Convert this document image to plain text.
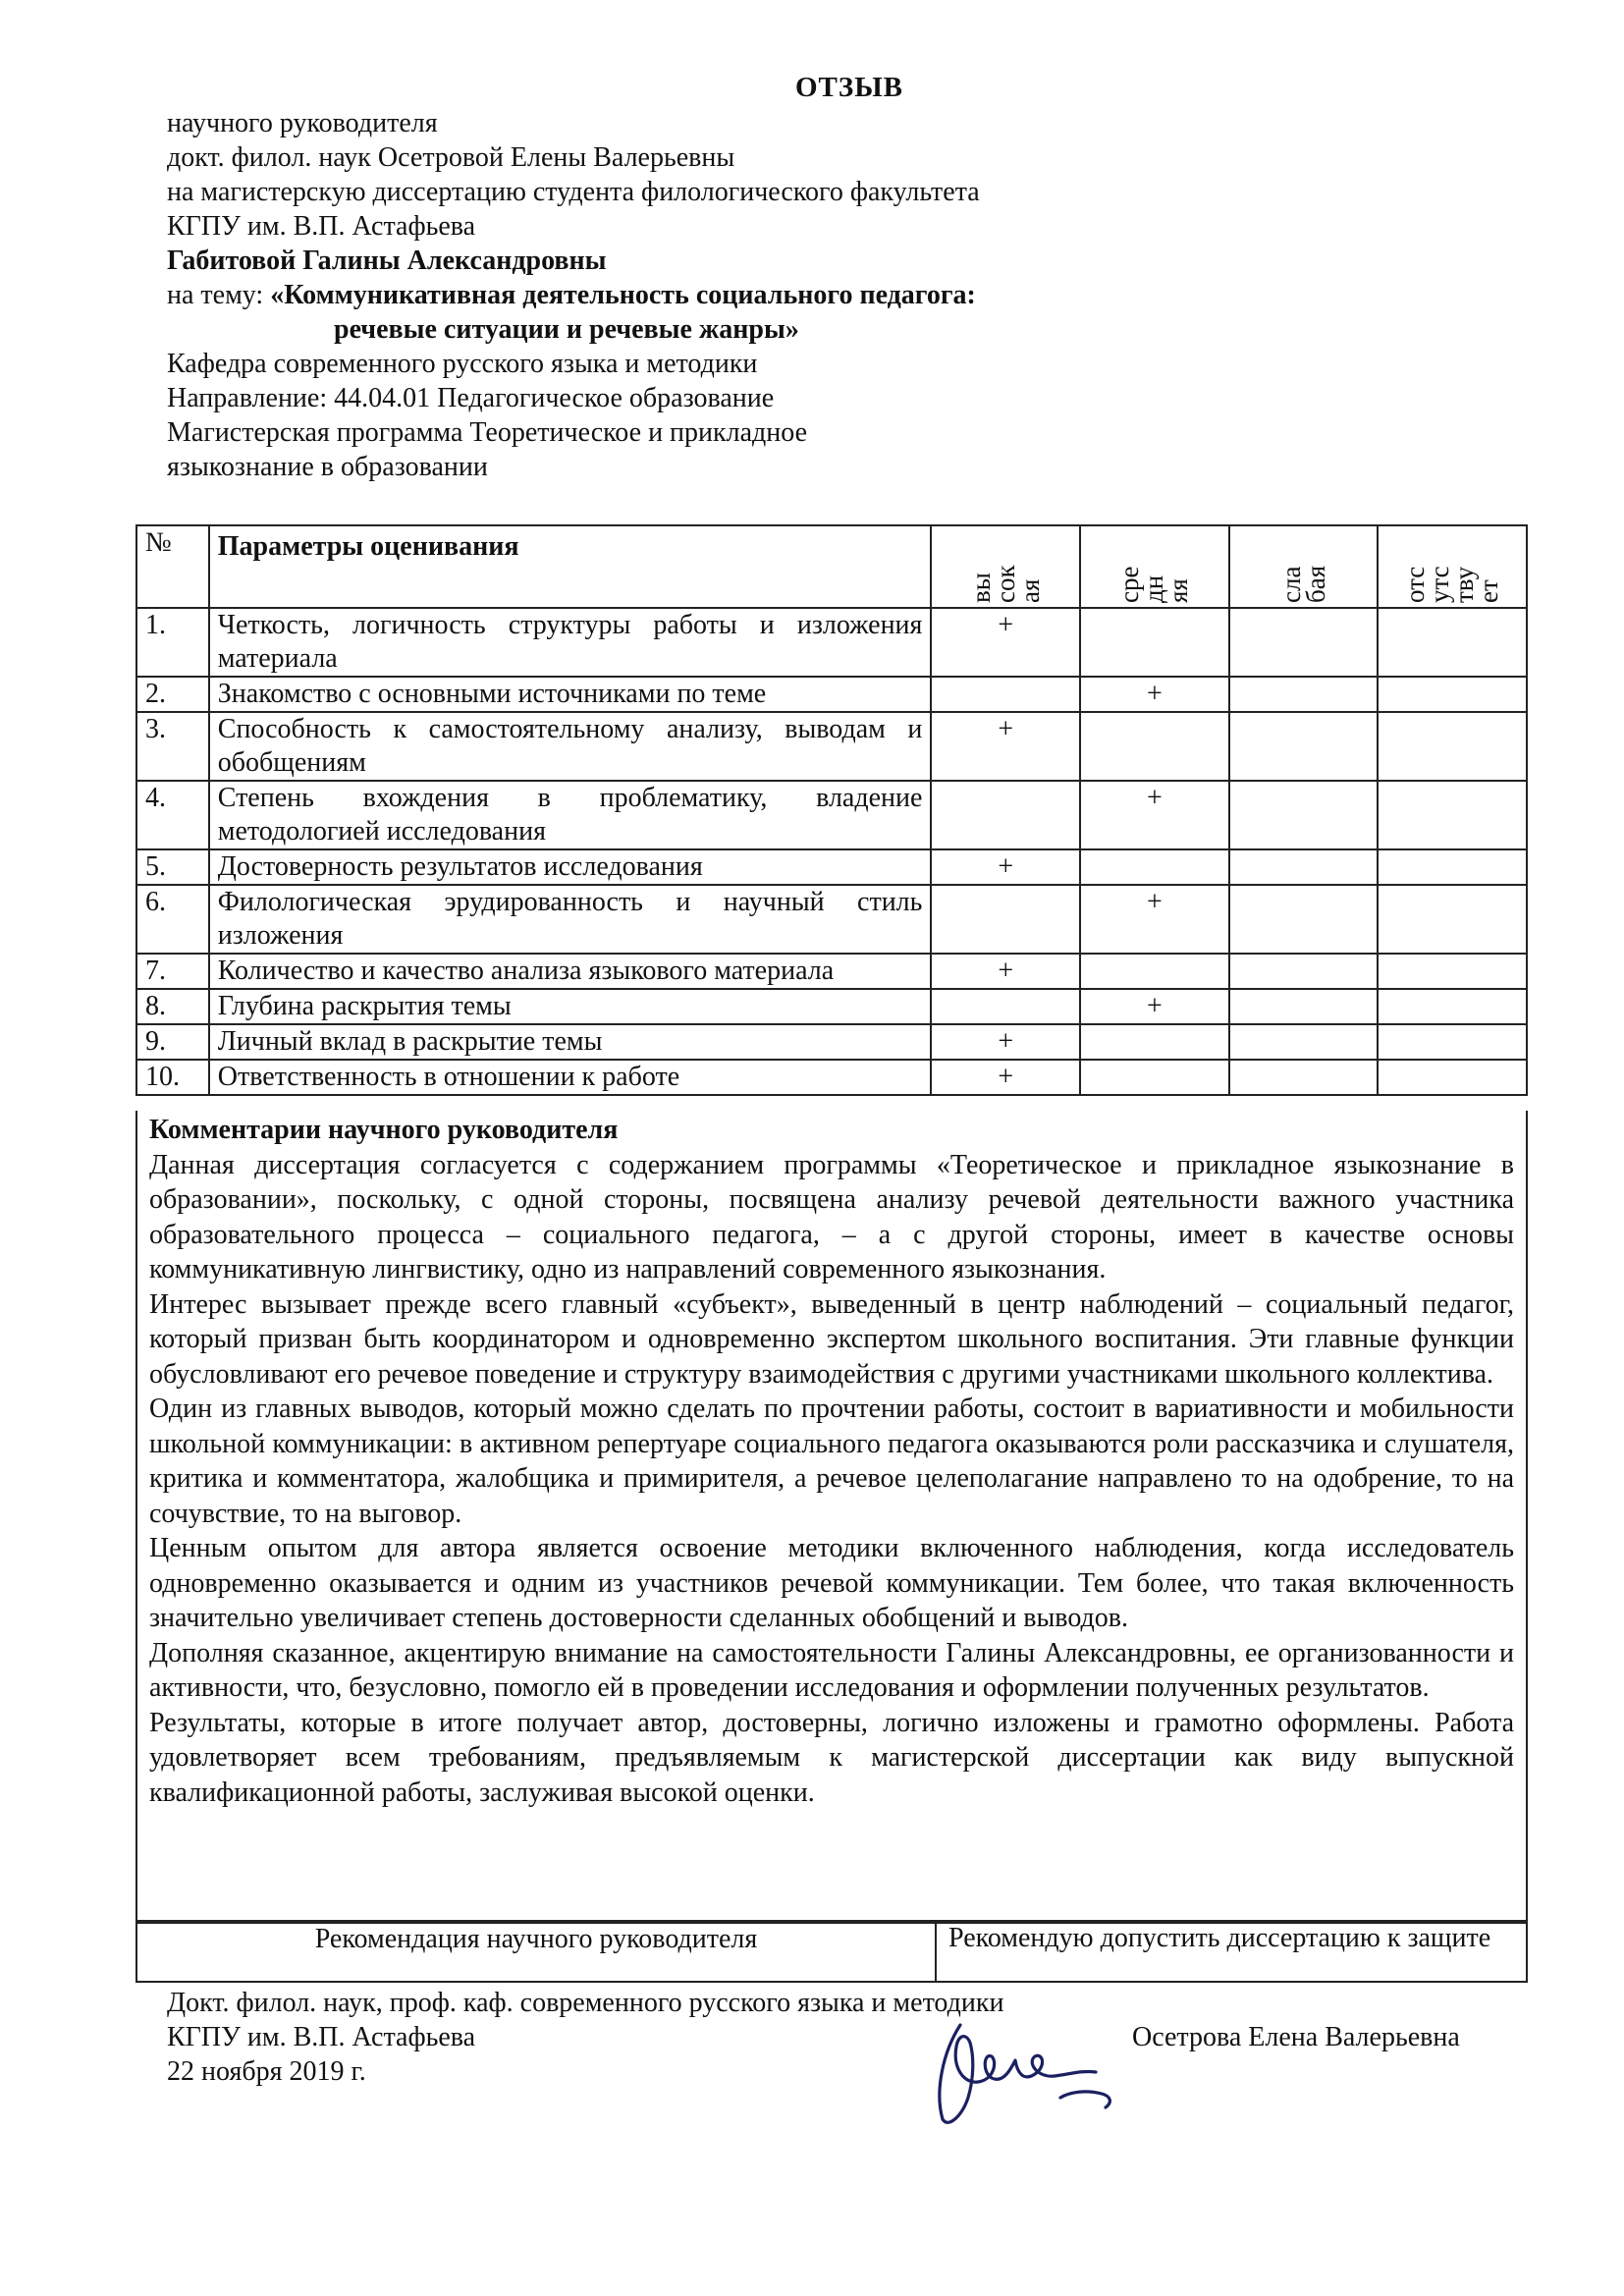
ОТЗЫВ
научного руководителя
докт. филол. наук Осетровой Елены Валерьевны
на магистерскую диссертацию студента филологического факультета
КГПУ им. В.П. Астафьева
Габитовой Галины Александровны
на тему: «Коммуникативная деятельность социального педагога:
речевые ситуации и речевые жанры»
Кафедра современного русского языка и методики
Направление: 44.04.01 Педагогическое образование
Магистерская программа Теоретическое и прикладное
языкознание в образовании
№	Параметры оценивания	вы
сок
ая	сре
дн
яя	сла
бая	отс
утс
тву
ет

1.	Четкость, логичность структуры работы и изложения материала	+			
2.	Знакомство с основными источниками по теме		+		
3.	Способность к самостоятельному анализу, выводам и обобщениям	+			
4.	Степень вхождения в проблематику, владение методологией исследования		+		
5.	Достоверность результатов исследования	+			
6.	Филологическая эрудированность и научный стиль изложения		+		
7.	Количество и качество анализа языкового материала	+			
8.	Глубина раскрытия темы		+		
9.	Личный вклад в раскрытие темы	+			
10.	Ответственность в отношении к работе	+			
Комментарии научного руководителя

Данная диссертация согласуется с содержанием программы «Теоретическое и прикладное языкознание в образовании», поскольку, с одной стороны, посвящена анализу речевой деятельности важного участника образовательного процесса – социального педагога, – а с другой стороны, имеет в качестве основы коммуникативную лингвистику, одно из направлений современного языкознания.

Интерес вызывает прежде всего главный «субъект», выведенный в центр наблюдений – социальный педагог, который призван быть координатором и одновременно экспертом школьного воспитания. Эти главные функции обусловливают его речевое поведение и структуру взаимодействия с другими участниками школьного коллектива.

Один из главных выводов, который можно сделать по прочтении работы, состоит в вариативности и мобильности школьной коммуникации: в активном репертуаре социального педагога оказываются роли рассказчика и слушателя, критика и комментатора, жалобщика и примирителя, а речевое целеполагание направлено то на одобрение, то на сочувствие, то на выговор.

Ценным опытом для автора является освоение методики включенного наблюдения, когда исследователь одновременно оказывается и одним из участников речевой коммуникации. Тем более, что такая включенность значительно увеличивает степень достоверности сделанных обобщений и выводов.

Дополняя сказанное, акцентирую внимание на самостоятельности Галины Александровны, ее организованности и активности, что, безусловно, помогло ей в проведении исследования и оформлении полученных результатов.

Результаты, которые в итоге получает автор, достоверны, логично изложены и грамотно оформлены. Работа удовлетворяет всем требованиям, предъявляемым к магистерской диссертации как виду выпускной квалификационной работы, заслуживая высокой оценки.

Рекомендация научного руководителя	Рекомендую допустить диссертацию к защите
Докт. филол. наук, проф. каф. современного русского языка и методики
КГПУ им. В.П. Астафьева
22 ноября 2019 г.
Осетрова Елена Валерьевна
